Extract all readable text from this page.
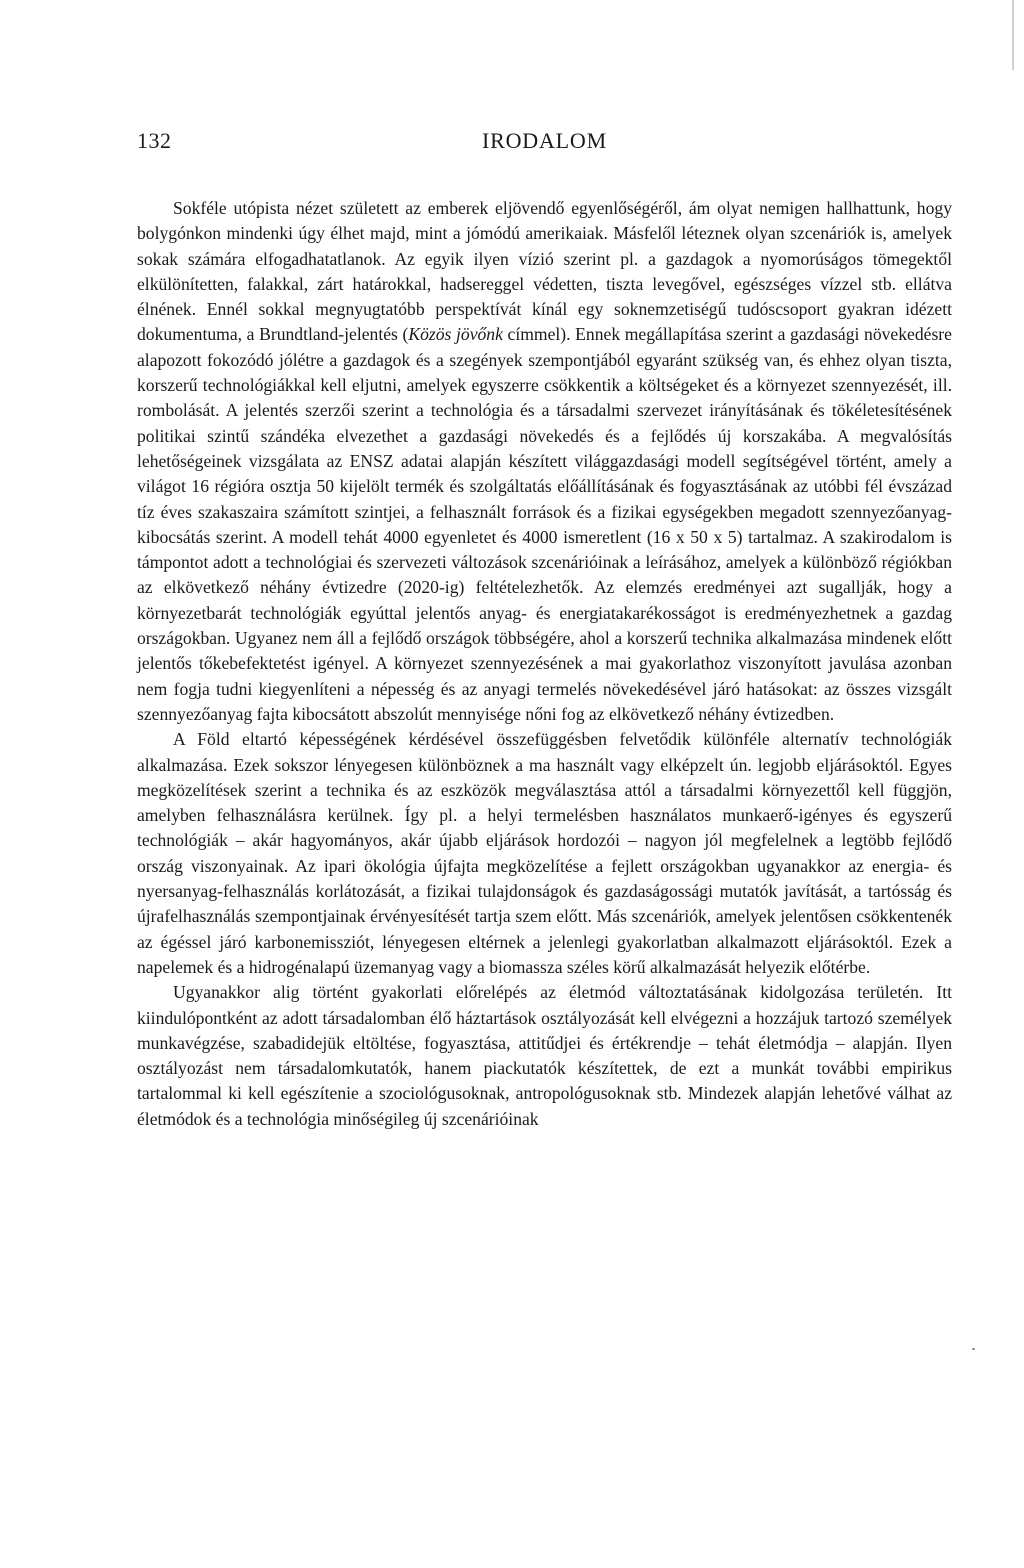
132	IRODALOM

Sokféle utópista nézet született az emberek eljövendő egyenlőségéről, ám olyat nemigen hallhattunk, hogy bolygónkon mindenki úgy élhet majd, mint a jómódú amerikaiak. Másfelől léteznek olyan szcenáriók is, amelyek sokak számára elfogadhatatlanok. Az egyik ilyen vízió szerint pl. a gazdagok a nyomorúságos tömegektől elkülönítetten, falakkal, zárt határokkal, hadsereggel védetten, tiszta levegővel, egészséges vízzel stb. ellátva élnének. Ennél sokkal megnyugtatóbb perspektívát kínál egy soknemzetiségű tudóscsoport gyakran idézett dokumentuma, a Brundtland-jelentés (Közös jövőnk címmel). Ennek megállapítása szerint a gazdasági növekedésre alapozott fokozódó jólétre a gazdagok és a szegények szempontjából egyaránt szükség van, és ehhez olyan tiszta, korszerű technológiákkal kell eljutni, amelyek egyszerre csökkentik a költségeket és a környezet szennyezését, ill. rombolását. A jelentés szerzői szerint a technológia és a társadalmi szervezet irányításának és tökéletesítésének politikai szintű szándéka elvezethet a gazdasági növekedés és a fejlődés új korszakába. A megvalósítás lehetőségeinek vizsgálata az ENSZ adatai alapján készített világgazdasági modell segítségével történt, amely a világot 16 régióra osztja 50 kijelölt termék és szolgáltatás előállításának és fogyasztásának az utóbbi fél évszázad tíz éves szakaszaira számított szintjei, a felhasznált források és a fizikai egységekben megadott szennyezőanyag-kibocsátás szerint. A modell tehát 4000 egyenletet és 4000 ismeretlent (16 x 50 x 5) tartalmaz. A szakirodalom is támpontot adott a technológiai és szervezeti változások szcenárióinak a leírásához, amelyek a különböző régiókban az elkövetkező néhány évtizedre (2020-ig) feltételezhetők. Az elemzés eredményei azt sugallják, hogy a környezetbarát technológiák egyúttal jelentős anyag- és energiatakarékosságot is eredményezhetnek a gazdag országokban. Ugyanez nem áll a fejlődő országok többségére, ahol a korszerű technika alkalmazása mindenek előtt jelentős tőkebefektetést igényel. A környezet szennyezésének a mai gyakorlathoz viszonyított javulása azonban nem fogja tudni kiegyenlíteni a népesség és az anyagi termelés növekedésével járó hatásokat: az összes vizsgált szennyezőanyag fajta kibocsátott abszolút mennyisége nőni fog az elkövetkező néhány évtizedben.

A Föld eltartó képességének kérdésével összefüggésben felvetődik különféle alternatív technológiák alkalmazása. Ezek sokszor lényegesen különböznek a ma használt vagy elképzelt ún. legjobb eljárásoktól. Egyes megközelítések szerint a technika és az eszközök megválasztása attól a társadalmi környezettől kell függjön, amelyben felhasználásra kerülnek. Így pl. a helyi termelésben használatos munkaerő-igényes és egyszerű technológiák – akár hagyományos, akár újabb eljárások hordozói – nagyon jól megfelelnek a legtöbb fejlődő ország viszonyainak. Az ipari ökológia újfajta megközelítése a fejlett országokban ugyanakkor az energia- és nyersanyag-felhasználás korlátozását, a fizikai tulajdonságok és gazdaságossági mutatók javítását, a tartósság és újrafelhasználás szempontjainak érvényesítését tartja szem előtt. Más szcenáriók, amelyek jelentősen csökkentenék az égéssel járó karbonemissziót, lényegesen eltérnek a jelenlegi gyakorlatban alkalmazott eljárásoktól. Ezek a napelemek és a hidrogénalapú üzemanyag vagy a biomassza széles körű alkalmazását helyezik előtérbe.

Ugyanakkor alig történt gyakorlati előrelépés az életmód változtatásának kidolgozása területén. Itt kiindulópontként az adott társadalomban élő háztartások osztályozását kell elvégezni a hozzájuk tartozó személyek munkavégzése, szabadidejük eltöltése, fogyasztása, attitűdjei és értékrendje – tehát életmódja – alapján. Ilyen osztályozást nem társadalomkutatók, hanem piackutatók készítettek, de ezt a munkát további empirikus tartalommal ki kell egészítenie a szociológusoknak, antropológusoknak stb. Mindezek alapján lehetővé válhat az életmódok és a technológia minőségileg új szcenárióinak
